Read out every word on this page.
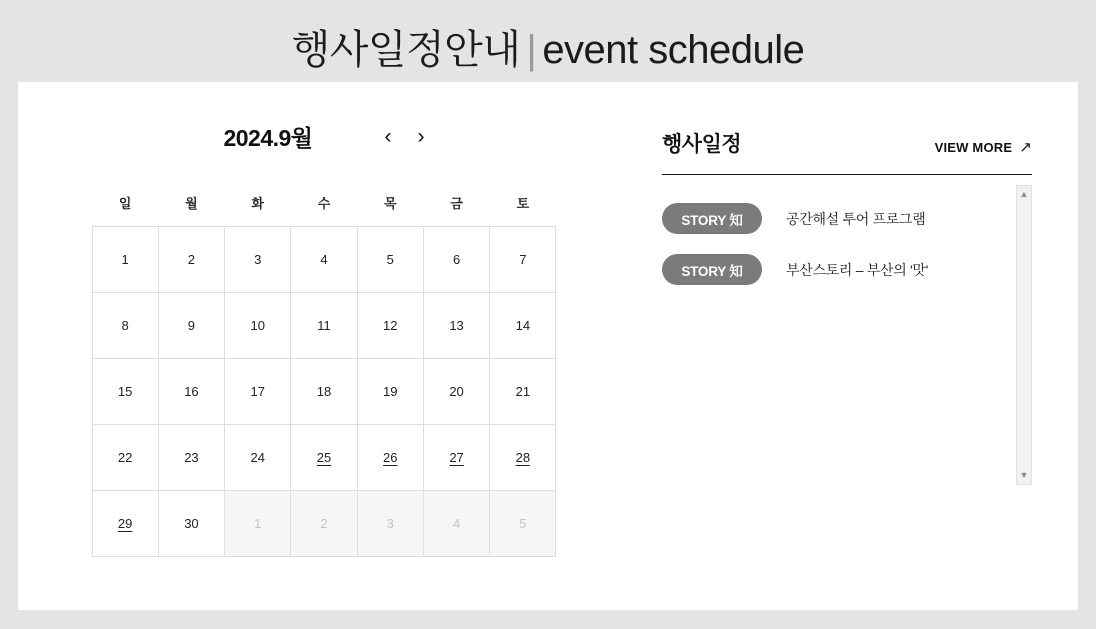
행사일정안내 | event schedule
2024.9월	‹ ›
일	월	화	수	목	금	토
1	2	3	4	5	6	7
8	9	10	11	12	13	14
15	16	17	18	19	20	21
22	23	24	25	26	27	28
29	30	1	2	3	4	5
행사일정	VIEW MORE ↗
STORY 知	공간해설 투어 프로그램
STORY 知	부산스토리 – 부산의 '맛'
▲
▼
